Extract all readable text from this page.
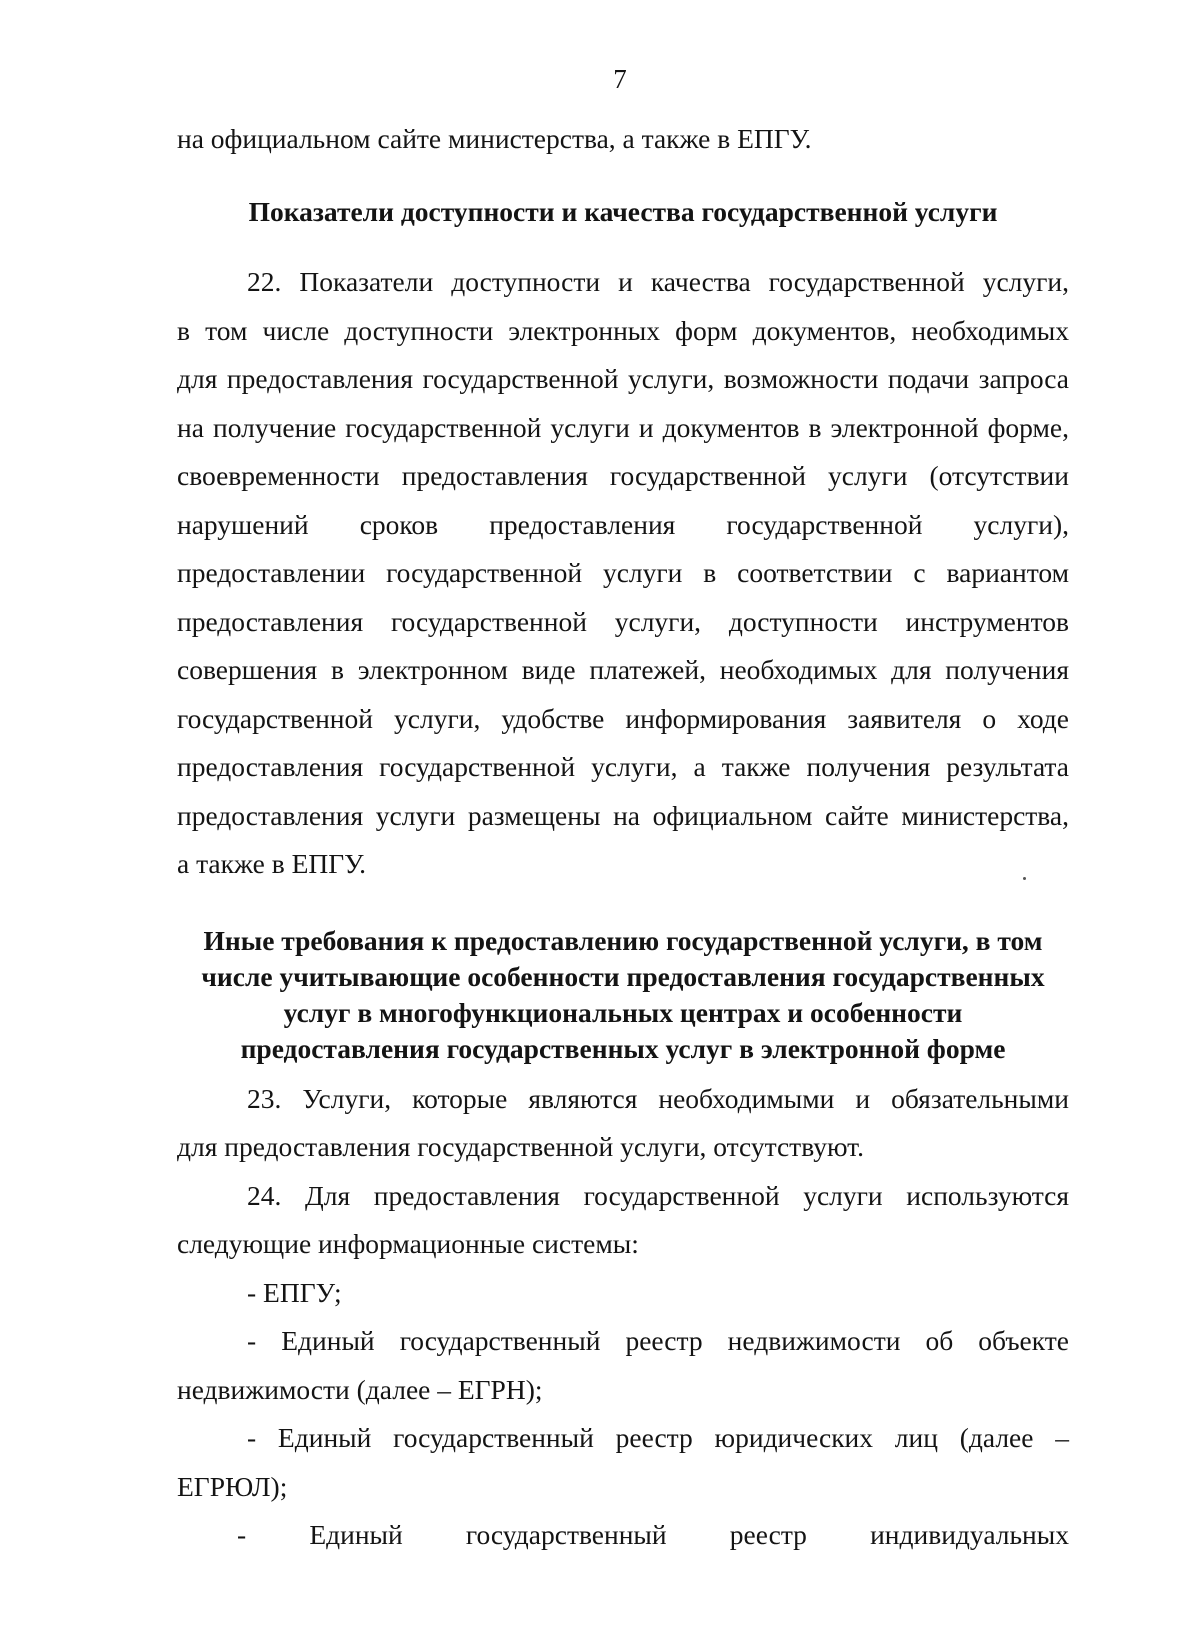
7

на официальном сайте министерства, а также в ЕПГУ.

Показатели доступности и качества государственной услуги

22. Показатели доступности и качества государственной услуги,
в том числе доступности электронных форм документов, необходимых
для предоставления государственной услуги, возможности подачи запроса
на получение государственной услуги и документов в электронной форме,
своевременности предоставления государственной услуги (отсутствии
нарушений сроков предоставления государственной услуги),
предоставлении государственной услуги в соответствии с вариантом
предоставления государственной услуги, доступности инструментов
совершения в электронном виде платежей, необходимых для получения
государственной услуги, удобстве информирования заявителя о ходе
предоставления государственной услуги, а также получения результата
предоставления услуги размещены на официальном сайте министерства,
а также в ЕПГУ.

Иные требования к предоставлению государственной услуги, в том
числе учитывающие особенности предоставления государственных
услуг в многофункциональных центрах и особенности
предоставления государственных услуг в электронной форме

23. Услуги, которые являются необходимыми и обязательными
для предоставления государственной услуги, отсутствуют.

24. Для предоставления государственной услуги используются
следующие информационные системы:

- ЕПГУ;

- Единый государственный реестр недвижимости об объекте
недвижимости (далее – ЕГРН);

- Единый государственный реестр юридических лиц (далее –
ЕГРЮЛ);

- Единый государственный реестр индивидуальных
